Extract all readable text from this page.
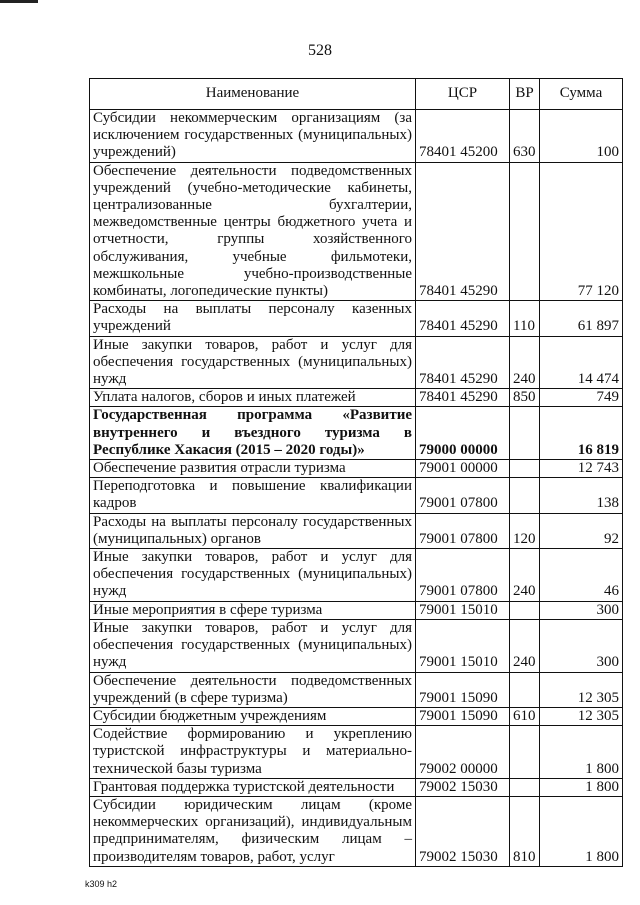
528
Наименование	ЦСР	ВР	Сумма
Субсидии некоммерческим организациям (за исключением государственных (муниципальных) учреждений)	78401 45200	630	100
Обеспечение деятельности подведомственных учреждений (учебно-методические кабинеты, централизованные бухгалтерии, межведомственные центры бюджетного учета и отчетности, группы хозяйственного обслуживания, учебные фильмотеки, межшкольные учебно-производственные комбинаты, логопедические пункты)	78401 45290		77 120
Расходы на выплаты персоналу казенных учреждений	78401 45290	110	61 897
Иные закупки товаров, работ и услуг для обеспечения государственных (муниципальных) нужд	78401 45290	240	14 474
Уплата налогов, сборов и иных платежей	78401 45290	850	749
Государственная программа «Развитие внутреннего и въездного туризма в Республике Хакасия (2015 – 2020 годы)»	79000 00000		16 819
Обеспечение развития отрасли туризма	79001 00000		12 743
Переподготовка и повышение квалификации кадров	79001 07800		138
Расходы на выплаты персоналу государственных (муниципальных) органов	79001 07800	120	92
Иные закупки товаров, работ и услуг для обеспечения государственных (муниципальных) нужд	79001 07800	240	46
Иные мероприятия в сфере туризма	79001 15010		300
Иные закупки товаров, работ и услуг для обеспечения государственных (муниципальных) нужд	79001 15010	240	300
Обеспечение деятельности подведомственных учреждений (в сфере туризма)	79001 15090		12 305
Субсидии бюджетным учреждениям	79001 15090	610	12 305
Содействие формированию и укреплению туристской инфраструктуры и материально-технической базы туризма	79002 00000		1 800
Грантовая поддержка туристской деятельности	79002 15030		1 800
Субсидии юридическим лицам (кроме некоммерческих организаций), индивидуальным предпринимателям, физическим лицам – производителям товаров, работ, услуг	79002 15030	810	1 800
k309 h2
